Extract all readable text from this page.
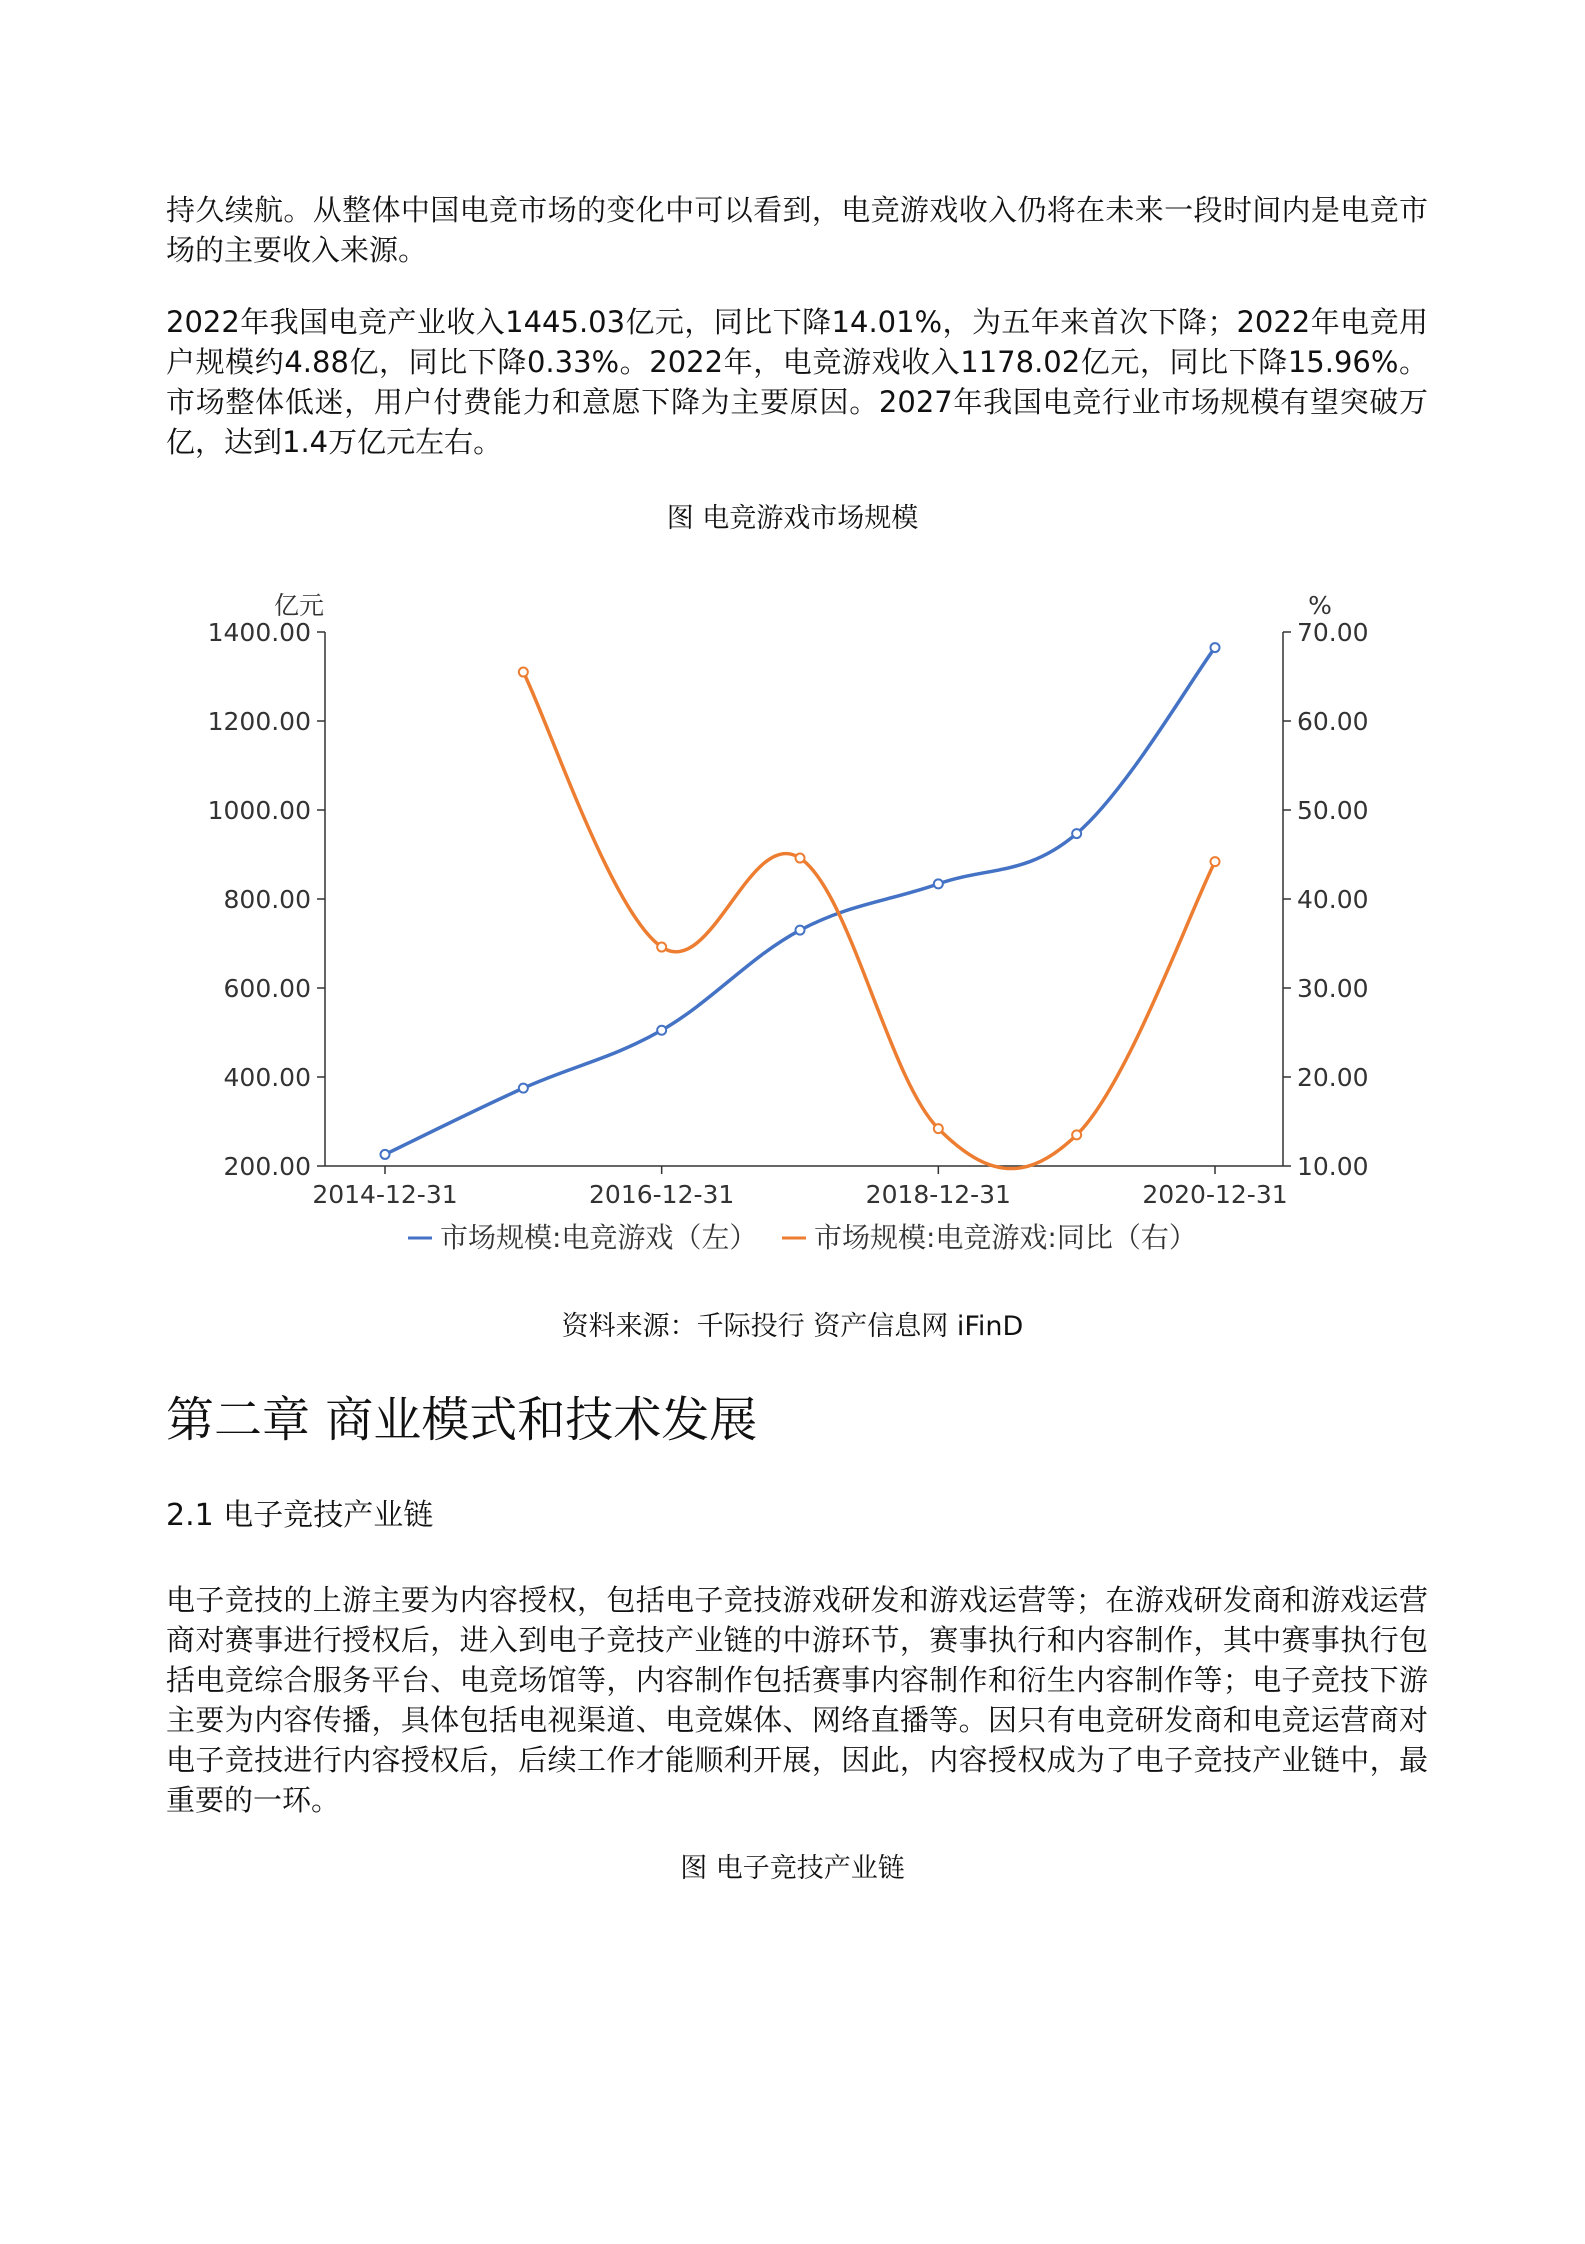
持久续航。从整体中国电竞市场的变化中可以看到，电竞游戏收入仍将在未来一段时间内是电竞市场的主要收入来源。

2022年我国电竞产业收入1445.03亿元，同比下降14.01%，为五年来首次下降；2022年电竞用户规模约4.88亿，同比下降0.33%。2022年，电竞游戏收入1178.02亿元，同比下降15.96%。市场整体低迷，用户付费能力和意愿下降为主要原因。2027年我国电竞行业市场规模有望突破万亿，达到1.4万亿元左右。

图 电竞游戏市场规模

亿元	%
1400.00
1200.00
1000.00
800.00
600.00
400.00
200.00
70.00
60.00
50.00
40.00
30.00
20.00
10.00
2014-12-31	2016-12-31	2018-12-31	2020-12-31
市场规模:电竞游戏（左） 市场规模:电竞游戏:同比（右）

资料来源：千际投行 资产信息网 iFinD

第二章 商业模式和技术发展
2.1 电子竞技产业链

电子竞技的上游主要为内容授权，包括电子竞技游戏研发和游戏运营等；在游戏研发商和游戏运营商对赛事进行授权后，进入到电子竞技产业链的中游环节，赛事执行和内容制作，其中赛事执行包括电竞综合服务平台、电竞场馆等，内容制作包括赛事内容制作和衍生内容制作等；电子竞技下游主要为内容传播，具体包括电视渠道、电竞媒体、网络直播等。因只有电竞研发商和电竞运营商对电子竞技进行内容授权后，后续工作才能顺利开展，因此，内容授权成为了电子竞技产业链中，最重要的一环。

图 电子竞技产业链
